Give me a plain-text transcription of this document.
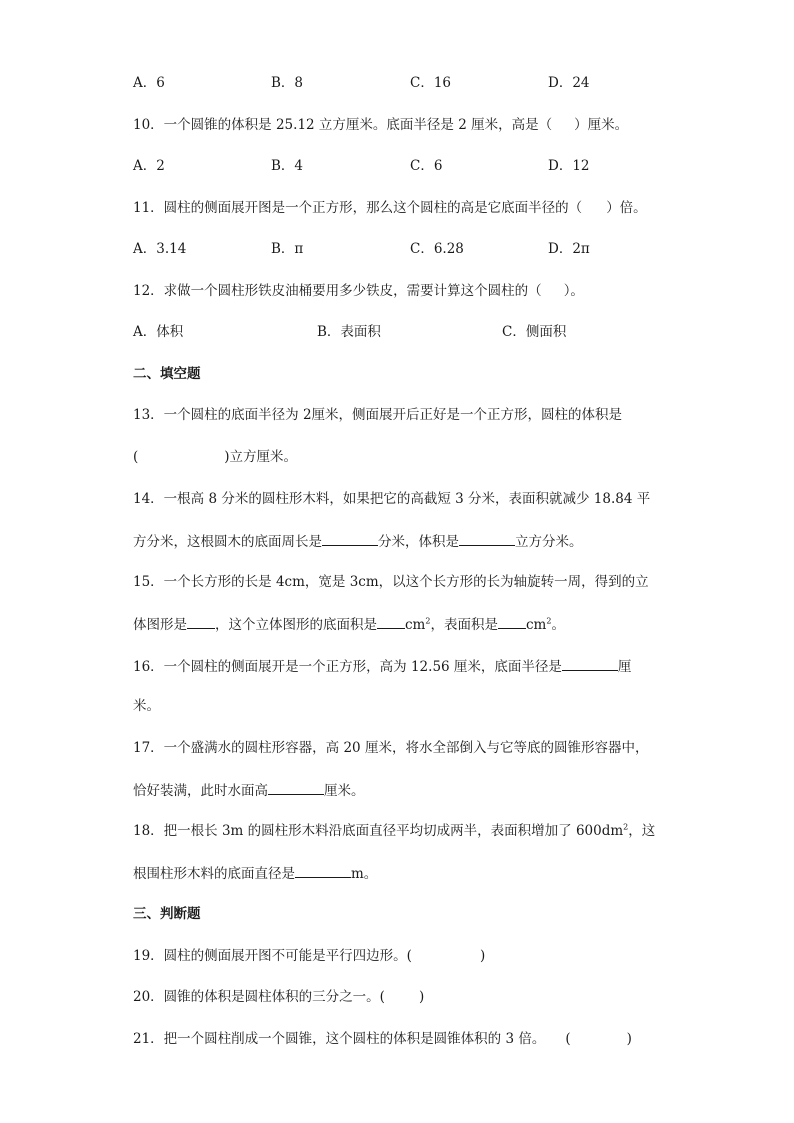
A．6	B．8	C．16	D．24
10．一个圆锥的体积是 25.12 立方厘米。底面半径是 2 厘米，高是（ ）厘米。
A．2	B．4	C．6	D．12
11．圆柱的侧面展开图是一个正方形，那么这个圆柱的高是它底面半径的（ ）倍。
A．3.14	B．π	C．6.28	D．2π
12．求做一个圆柱形铁皮油桶要用多少铁皮，需要计算这个圆柱的（ ）。
A．体积	B．表面积	C．侧面积
二、填空题
13．一个圆柱的底面半径为 2厘米，侧面展开后正好是一个正方形，圆柱的体积是
(	)立方厘米。
14．一根高 8 分米的圆柱形木料，如果把它的高截短 3 分米，表面积就减少 18.84 平
方分米，这根圆木的底面周长是	分米，体积是	立方分米。
15．一个长方形的长是 4cm，宽是 3cm，以这个长方形的长为轴旋转一周，得到的立
体图形是 ，这个立体图形的底面积是 $cm^2$，表面积是 $cm^2$。
16．一个圆柱的侧面展开是一个正方形，高为 12.56 厘米，底面半径是	厘
米。
17．一个盛满水的圆柱形容器，高 20 厘米，将水全部倒入与它等底的圆锥形容器中，
恰好装满，此时水面高	厘米。
18．把一根长 3m 的圆柱形木料沿底面直径平均切成两半，表面积增加了 $600dm^2$，这
根围柱形木料的底面直径是	m。
三、判断题
19．圆柱的侧面展开图不可能是平行四边形。(	)
20．圆锥的体积是圆柱体积的三分之一。(	)
21．把一个圆柱削成一个圆锥，这个圆柱的体积是圆锥体积的 3 倍。 (	)
